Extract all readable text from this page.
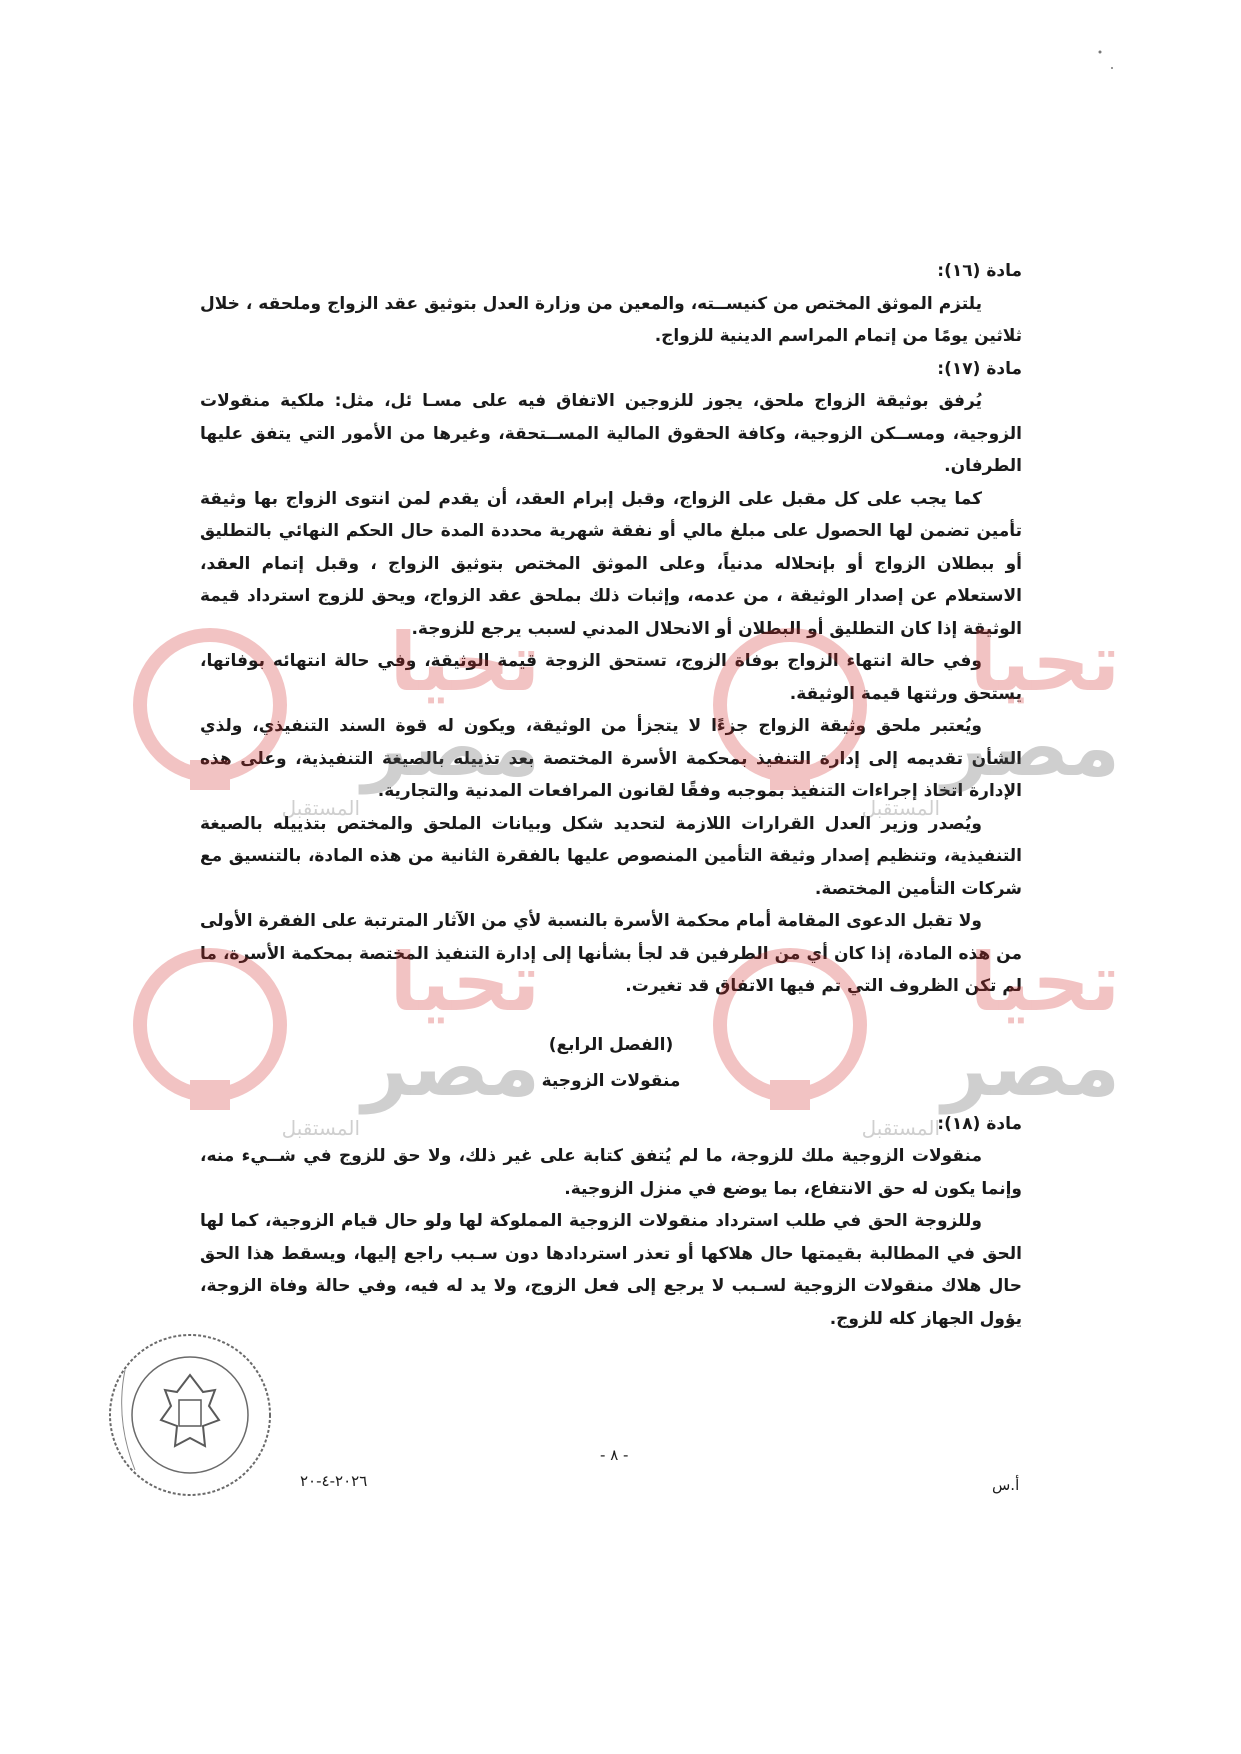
مادة (١٦):

يلتزم الموثق المختص من كنيســته، والمعين من وزارة العدل بتوثيق عقد الزواج وملحقه ، خلال ثلاثين يومًا من إتمام المراسم الدينية للزواج.

مادة (١٧):

يُرفق بوثيقة الزواج ملحق، يجوز للزوجين الاتفاق فيه على مسـا ئل، مثل: ملكية منقولات الزوجية، ومســكن الزوجية، وكافة الحقوق المالية المســتحقة، وغيرها من الأمور التي يتفق عليها الطرفان.

كما يجب على كل مقبل على الزواج، وقبل إبرام العقد، أن يقدم لمن انتوى الزواج بها وثيقة تأمين تضمن لها الحصول على مبلغ مالي أو نفقة شهرية محددة المدة حال الحكم النهائي بالتطليق أو ببطلان الزواج أو بإنحلاله مدنياً، وعلى الموثق المختص بتوثيق الزواج ، وقبل إتمام العقد، الاستعلام عن إصدار الوثيقة ، من عدمه، وإثبات ذلك بملحق عقد الزواج، ويحق للزوج استرداد قيمة الوثيقة إذا كان التطليق أو البطلان أو الانحلال المدني لسبب يرجع للزوجة.

وفي حالة انتهاء الزواج بوفاة الزوج، تستحق الزوجة قيمة الوثيقة، وفي حالة انتهائه بوفاتها، يستحق ورثتها قيمة الوثيقة.

ويُعتبر ملحق وثيقة الزواج جزءًا لا يتجزأ من الوثيقة، ويكون له قوة السند التنفيذي، ولذي الشأن تقديمه إلى إدارة التنفيذ بمحكمة الأسرة المختصة بعد تذييله بالصيغة التنفيذية، وعلى هذه الإدارة اتخاذ إجراءات التنفيذ بموجبه وفقًا لقانون المرافعات المدنية والتجارية.

ويُصدر وزير العدل القرارات اللازمة لتحديد شكل وبيانات الملحق والمختص بتذييله بالصيغة التنفيذية، وتنظيم إصدار وثيقة التأمين المنصوص عليها بالفقرة الثانية من هذه المادة، بالتنسيق مع شركات التأمين المختصة.

ولا تقبل الدعوى المقامة أمام محكمة الأسرة بالنسبة لأي من الآثار المترتبة على الفقرة الأولى من هذه المادة، إذا كان أي من الطرفين قد لجأ بشأنها إلى إدارة التنفيذ المختصة بمحكمة الأسرة، ما لم تكن الظروف التي تم فيها الاتفاق قد تغيرت.

(الفصل الرابع)

منقولات الزوجية

مادة (١٨):

منقولات الزوجية ملك للزوجة، ما لم يُتفق كتابة على غير ذلك، ولا حق للزوج في شــيء منه، وإنما يكون له حق الانتفاع، بما يوضع في منزل الزوجية.

وللزوجة الحق في طلب استرداد منقولات الزوجية المملوكة لها ولو حال قيام الزوجية، كما لها الحق في المطالبة بقيمتها حال هلاكها أو تعذر استردادها دون سـبب راجع إليها، ويسقط هذا الحق حال هلاك منقولات الزوجية لسـبب لا يرجع إلى فعل الزوج، ولا يد له فيه، وفي حالة وفاة الزوجة، يؤول الجهاز كله للزوج.

تحيا
مصر
المستقبل
تحيا
مصر
المستقبل
تحيا
مصر
المستقبل
تحيا
مصر
المستقبل
- ٨ -
٢٠٢٦-٤-٢٠	أ.س
